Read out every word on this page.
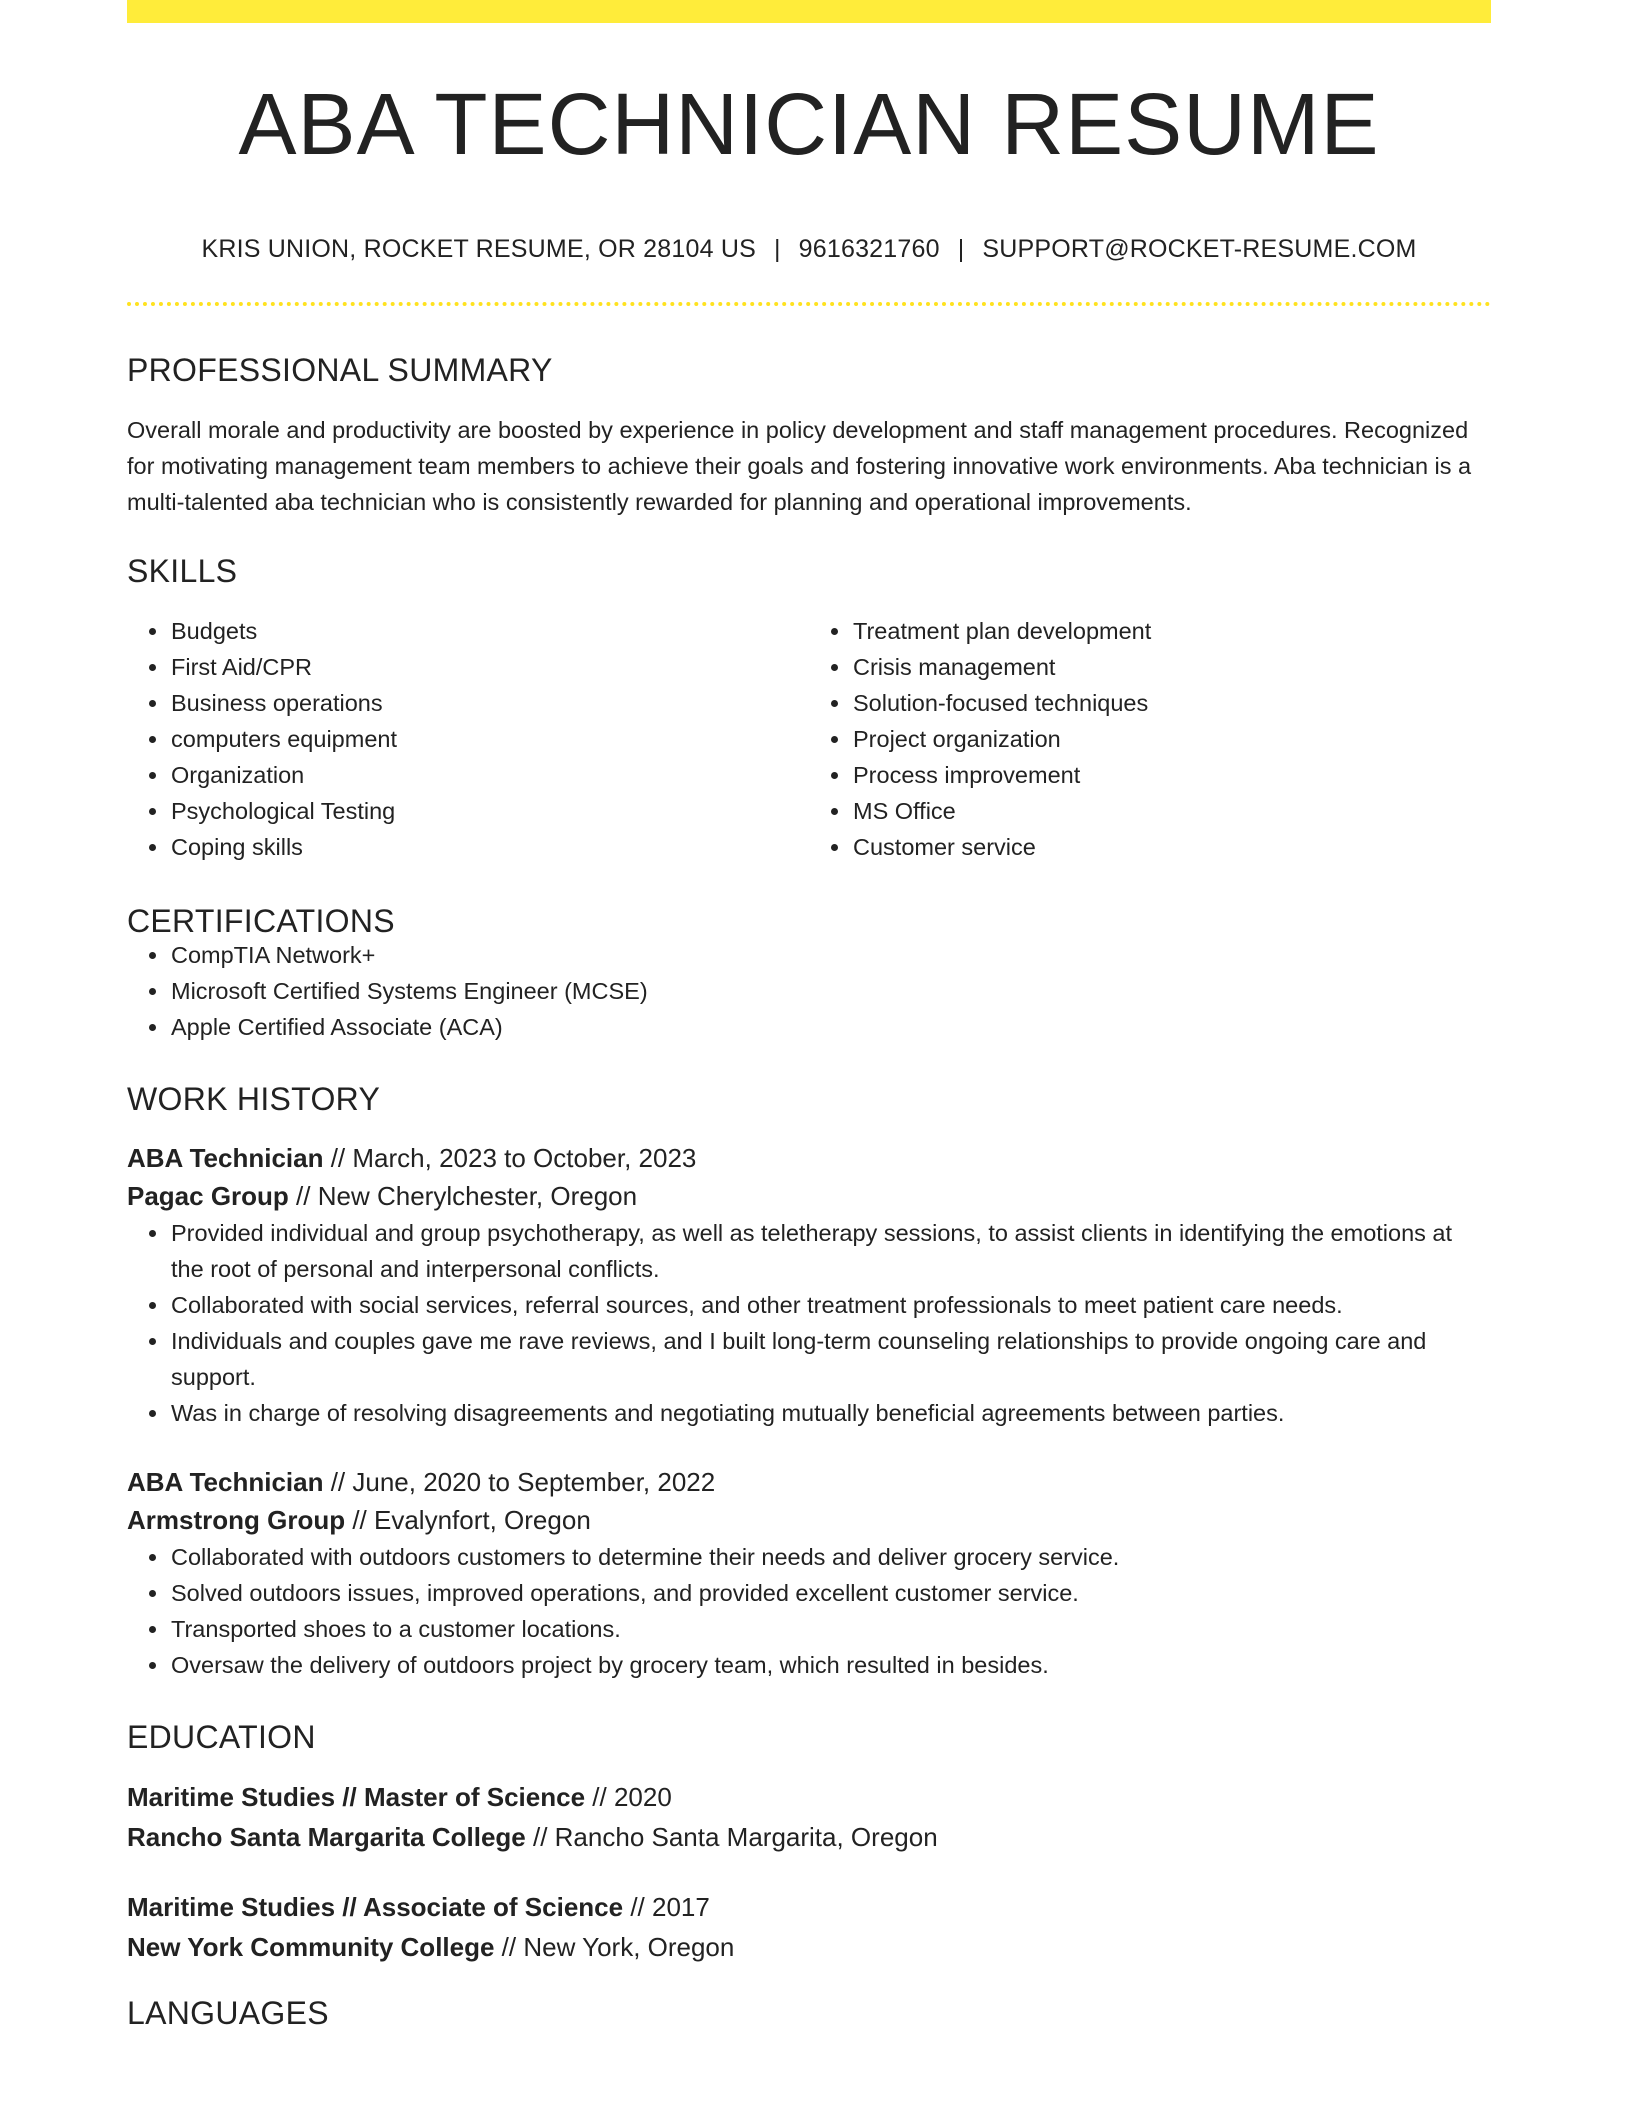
ABA TECHNICIAN RESUME
KRIS UNION, ROCKET RESUME, OR 28104 US | 9616321760 | SUPPORT@ROCKET-RESUME.COM
PROFESSIONAL SUMMARY
Overall morale and productivity are boosted by experience in policy development and staff management procedures. Recognized for motivating management team members to achieve their goals and fostering innovative work environments. Aba technician is a multi-talented aba technician who is consistently rewarded for planning and operational improvements.
SKILLS
• Budgets
• First Aid/CPR
• Business operations
• computers equipment
• Organization
• Psychological Testing
• Coping skills
• Treatment plan development
• Crisis management
• Solution-focused techniques
• Project organization
• Process improvement
• MS Office
• Customer service
CERTIFICATIONS
• CompTIA Network+
• Microsoft Certified Systems Engineer (MCSE)
• Apple Certified Associate (ACA)
WORK HISTORY
ABA Technician // March, 2023 to October, 2023
Pagac Group // New Cherylchester, Oregon
• Provided individual and group psychotherapy, as well as teletherapy sessions, to assist clients in identifying the emotions at the root of personal and interpersonal conflicts.
• Collaborated with social services, referral sources, and other treatment professionals to meet patient care needs.
• Individuals and couples gave me rave reviews, and I built long-term counseling relationships to provide ongoing care and support.
• Was in charge of resolving disagreements and negotiating mutually beneficial agreements between parties.
ABA Technician // June, 2020 to September, 2022
Armstrong Group // Evalynfort, Oregon
• Collaborated with outdoors customers to determine their needs and deliver grocery service.
• Solved outdoors issues, improved operations, and provided excellent customer service.
• Transported shoes to a customer locations.
• Oversaw the delivery of outdoors project by grocery team, which resulted in besides.
EDUCATION
Maritime Studies // Master of Science // 2020
Rancho Santa Margarita College // Rancho Santa Margarita, Oregon
Maritime Studies // Associate of Science // 2017
New York Community College // New York, Oregon
LANGUAGES
